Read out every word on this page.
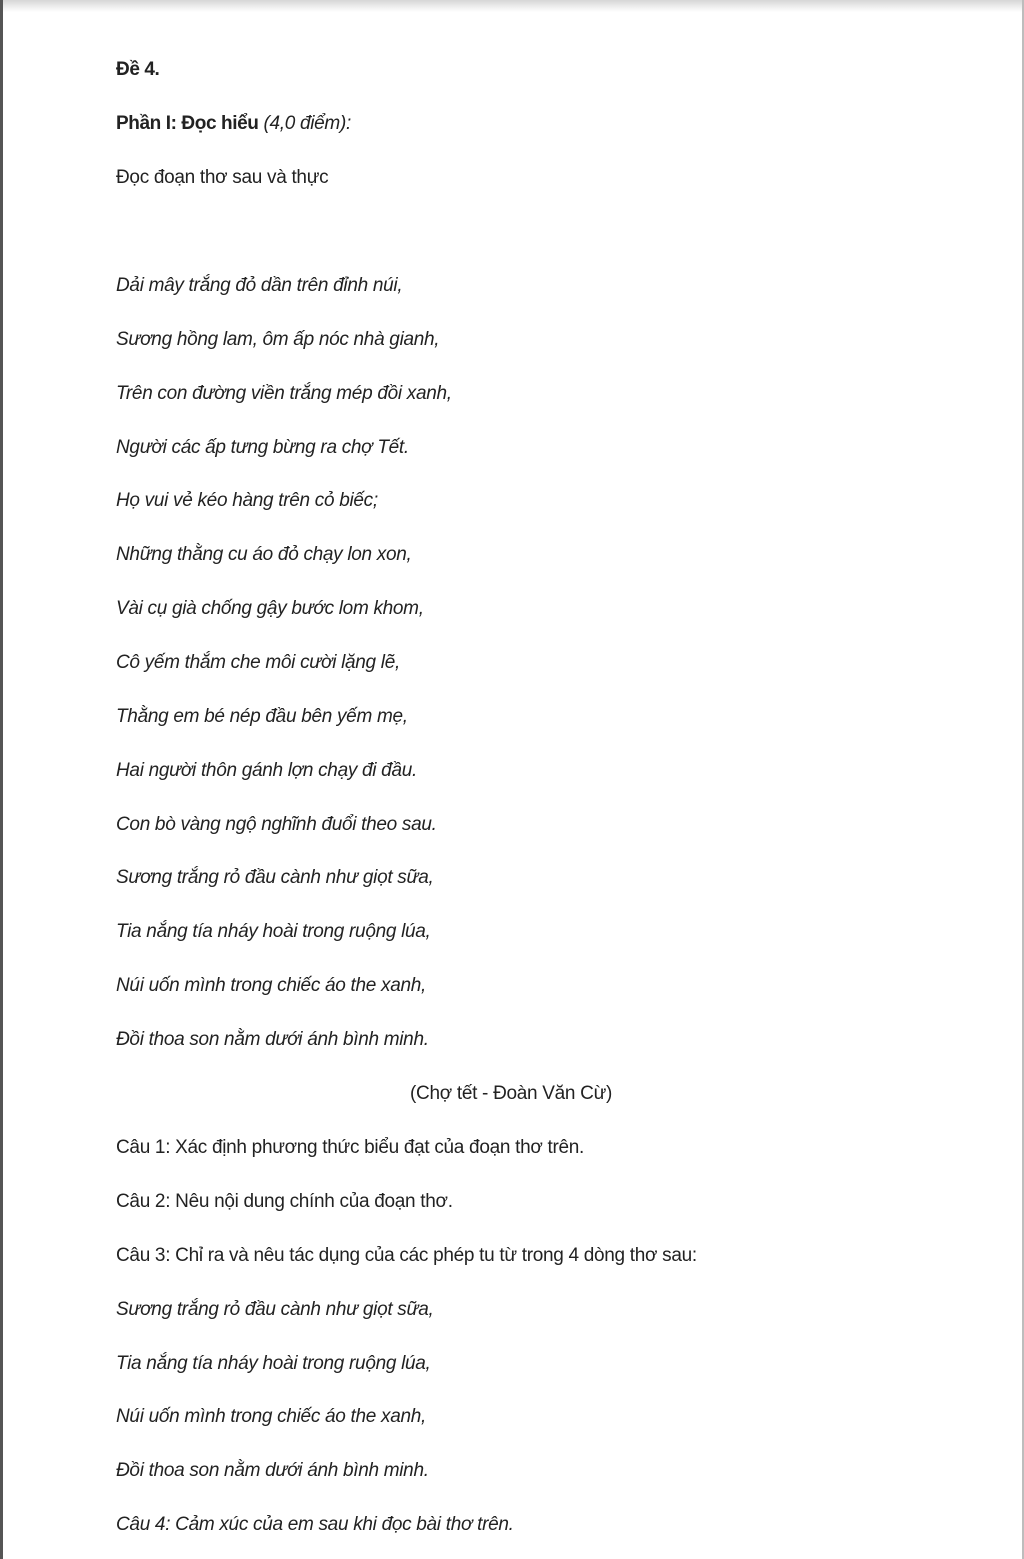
Đề 4.
Phần I: Đọc hiểu (4,0 điểm):
Đọc đoạn thơ sau và thực
Dải mây trắng đỏ dần trên đỉnh núi,
Sương hồng lam, ôm ấp nóc nhà gianh,
Trên con đường viền trắng mép đồi xanh,
Người các ấp tưng bừng ra chợ Tết.
Họ vui vẻ kéo hàng trên cỏ biếc;
Những thằng cu áo đỏ chạy lon xon,
Vài cụ già chống gậy bước lom khom,
Cô yếm thắm che môi cười lặng lẽ,
Thằng em bé nép đầu bên yếm mẹ,
Hai người thôn gánh lợn chạy đi đầu.
Con bò vàng ngộ nghĩnh đuổi theo sau.
Sương trắng rỏ đầu cành như giọt sữa,
Tia nắng tía nháy hoài trong ruộng lúa,
Núi uốn mình trong chiếc áo the xanh,
Đồi thoa son nằm dưới ánh bình minh.
(Chợ tết - Đoàn Văn Cừ)
Câu 1: Xác định phương thức biểu đạt của đoạn thơ trên.
Câu 2: Nêu nội dung chính của đoạn thơ.
Câu 3: Chỉ ra và nêu tác dụng của các phép tu từ trong 4 dòng thơ sau:
Sương trắng rỏ đầu cành như giọt sữa,
Tia nắng tía nháy hoài trong ruộng lúa,
Núi uốn mình trong chiếc áo the xanh,
Đồi thoa son nằm dưới ánh bình minh.
Câu 4: Cảm xúc của em sau khi đọc bài thơ trên.
